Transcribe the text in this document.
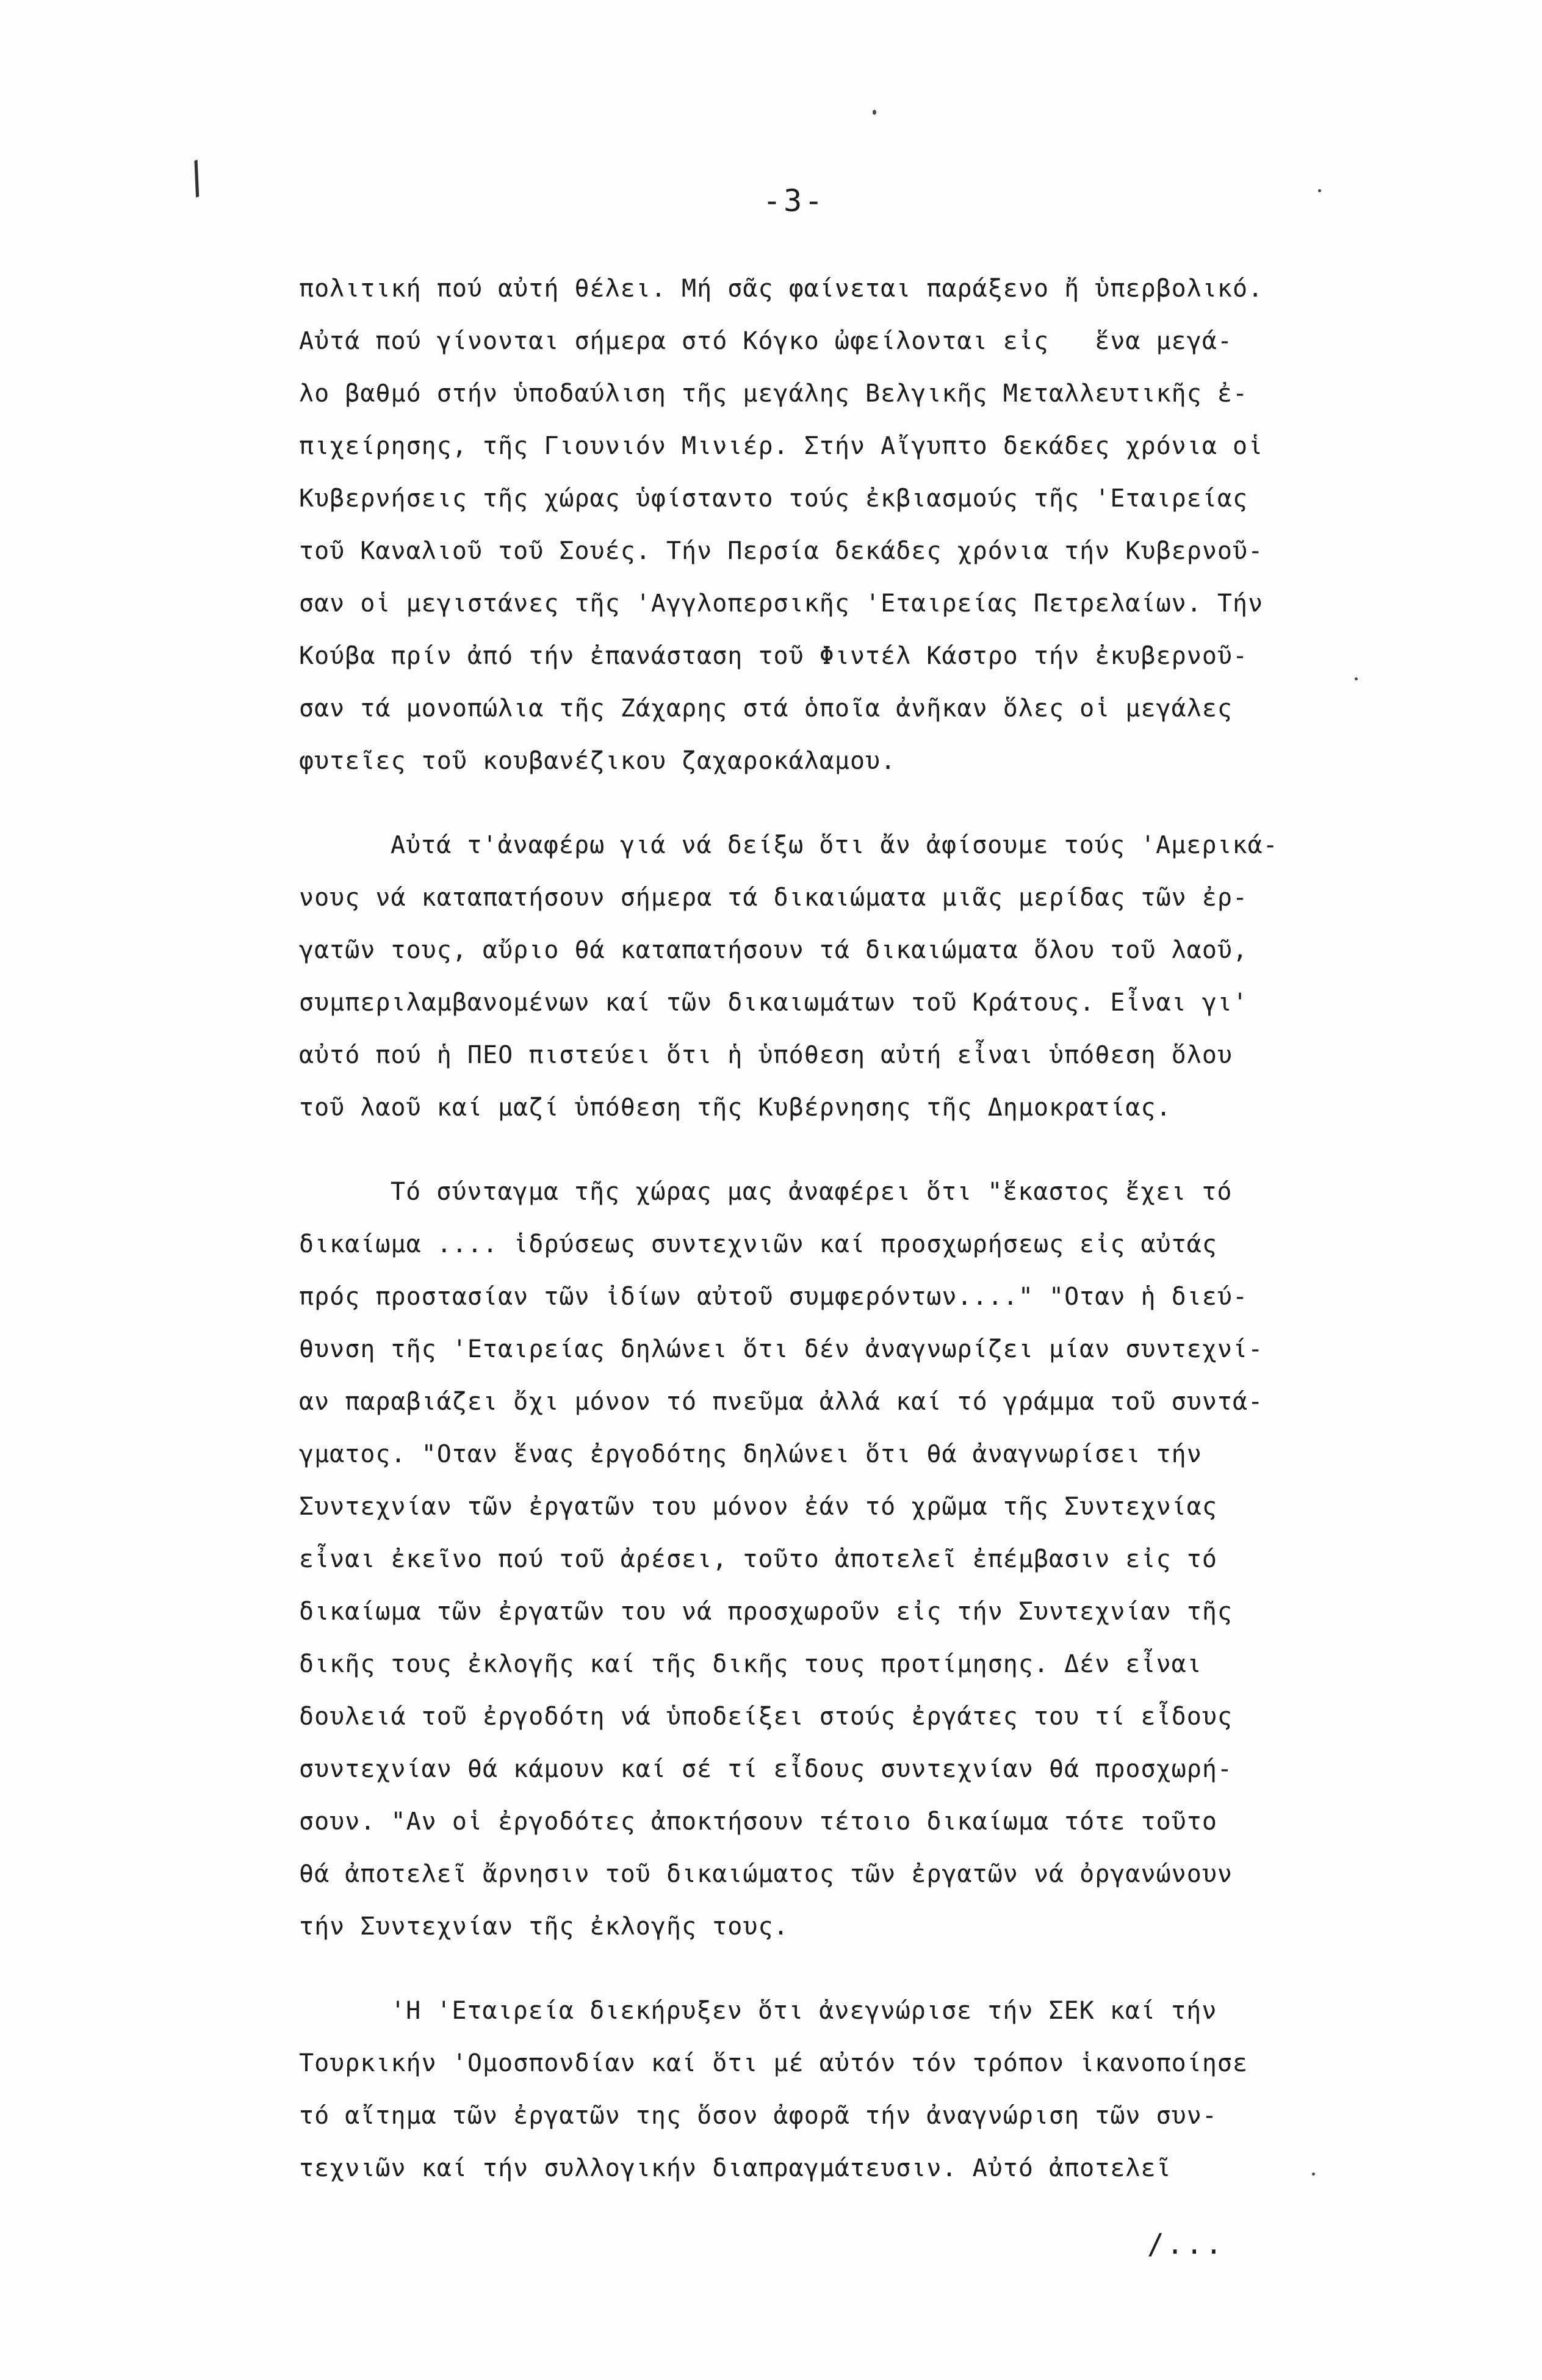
/	-3-
πολιτική πού αὐτή θέλει. Μή σᾶς φαίνεται παράξενο ἤ ὑπερβολικό.
Αὐτά πού γίνονται σήμερα στό Κόγκο ὠφείλονται εἰς   ἕνα μεγά-
λο βαθμό στήν ὑποδαύλιση τῆς μεγάλης Βελγικῆς Μεταλλευτικῆς ἐ-
πιχείρησης, τῆς Γιουνιόν Μινιέρ. Στήν Αἴγυπτο δεκάδες χρόνια οἱ
Κυβερνήσεις τῆς χώρας ὑφίσταντο τούς ἐκβιασμούς τῆς 'Εταιρείας
τοῦ Καναλιοῦ τοῦ Σουές. Τήν Περσία δεκάδες χρόνια τήν Κυβερνοῦ-
σαν οἱ μεγιστάνες τῆς 'Αγγλοπερσικῆς 'Εταιρείας Πετρελαίων. Τήν
Κούβα πρίν ἀπό τήν ἐπανάσταση τοῦ Φιντέλ Κάστρο τήν ἐκυβερνοῦ-
σαν τά μονοπώλια τῆς Ζάχαρης στά ὁποῖα ἀνῆκαν ὅλες οἱ μεγάλες
φυτεῖες τοῦ κουβανέζικου ζαχαροκάλαμου.
Αὐτά τ'ἀναφέρω γιά νά δείξω ὅτι ἄν ἀφίσουμε τούς 'Αμερικά-
νους νά καταπατήσουν σήμερα τά δικαιώματα μιᾶς μερίδας τῶν ἐρ-
γατῶν τους, αὔριο θά καταπατήσουν τά δικαιώματα ὅλου τοῦ λαοῦ,
συμπεριλαμβανομένων καί τῶν δικαιωμάτων τοῦ Κράτους. Εἶναι γι'
αὐτό πού ἡ ΠΕΟ πιστεύει ὅτι ἡ ὑπόθεση αὐτή εἶναι ὑπόθεση ὅλου
τοῦ λαοῦ καί μαζί ὑπόθεση τῆς Κυβέρνησης τῆς Δημοκρατίας.
Τό σύνταγμα τῆς χώρας μας ἀναφέρει ὅτι "ἕκαστος ἔχει τό
δικαίωμα .... ἱδρύσεως συντεχνιῶν καί προσχωρήσεως εἰς αὐτάς
πρός προστασίαν τῶν ἰδίων αὐτοῦ συμφερόντων...." "Οταν ἡ διεύ-
θυνση τῆς 'Εταιρείας δηλώνει ὅτι δέν ἀναγνωρίζει μίαν συντεχνί-
αν παραβιάζει ὄχι μόνον τό πνεῦμα ἀλλά καί τό γράμμα τοῦ συντά-
γματος. "Οταν ἕνας ἐργοδότης δηλώνει ὅτι θά ἀναγνωρίσει τήν
Συντεχνίαν τῶν ἐργατῶν του μόνον ἐάν τό χρῶμα τῆς Συντεχνίας
εἶναι ἐκεῖνο πού τοῦ ἀρέσει, τοῦτο ἀποτελεῖ ἐπέμβασιν εἰς τό
δικαίωμα τῶν ἐργατῶν του νά προσχωροῦν εἰς τήν Συντεχνίαν τῆς
δικῆς τους ἐκλογῆς καί τῆς δικῆς τους προτίμησης. Δέν εἶναι
δουλειά τοῦ ἐργοδότη νά ὑποδείξει στούς ἐργάτες του τί εἶδους
συντεχνίαν θά κάμουν καί σέ τί εἶδους συντεχνίαν θά προσχωρή-
σουν. "Αν οἱ ἐργοδότες ἀποκτήσουν τέτοιο δικαίωμα τότε τοῦτο
θά ἀποτελεῖ ἄρνησιν τοῦ δικαιώματος τῶν ἐργατῶν νά ὀργανώνουν
τήν Συντεχνίαν τῆς ἐκλογῆς τους.
'Η 'Εταιρεία διεκήρυξεν ὅτι ἀνεγνώρισε τήν ΣΕΚ καί τήν
Τουρκικήν 'Ομοσπονδίαν καί ὅτι μέ αὐτόν τόν τρόπον ἱκανοποίησε
τό αἴτημα τῶν ἐργατῶν της ὅσον ἀφορᾶ τήν ἀναγνώριση τῶν συν-
τεχνιῶν καί τήν συλλογικήν διαπραγμάτευσιν. Αὐτό ἀποτελεῖ
/...
